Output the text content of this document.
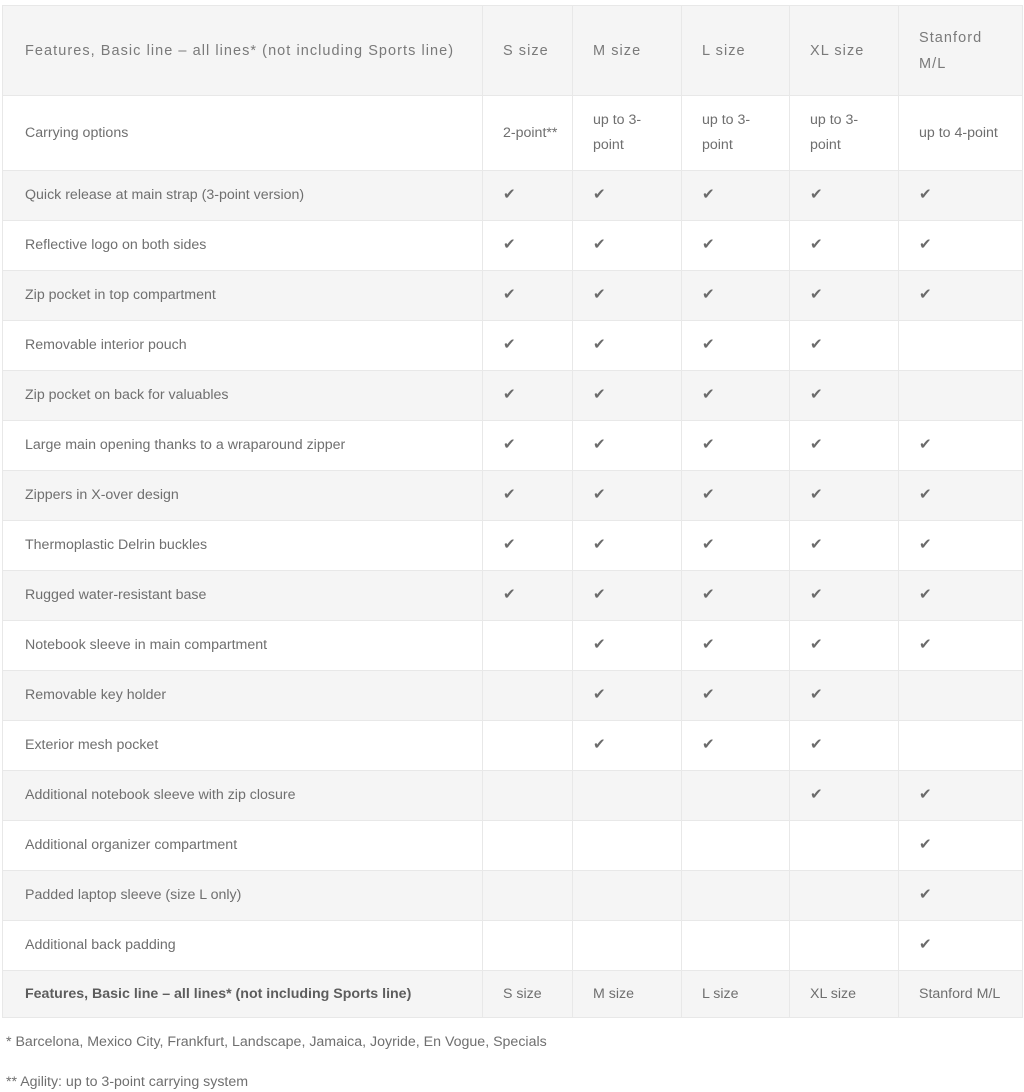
Features, Basic line – all lines* (not including Sports line)	S size	M size	L size	XL size	Stanford M/L
Carrying options	2-point**	up to 3-point	up to 3-point	up to 3-point	up to 4-point
Quick release at main strap (3-point version)	✔	✔	✔	✔	✔
Reflective logo on both sides	✔	✔	✔	✔	✔
Zip pocket in top compartment	✔	✔	✔	✔	✔
Removable interior pouch	✔	✔	✔	✔	
Zip pocket on back for valuables	✔	✔	✔	✔	
Large main opening thanks to a wraparound zipper	✔	✔	✔	✔	✔
Zippers in X-over design	✔	✔	✔	✔	✔
Thermoplastic Delrin buckles	✔	✔	✔	✔	✔
Rugged water-resistant base	✔	✔	✔	✔	✔
Notebook sleeve in main compartment		✔	✔	✔	✔
Removable key holder		✔	✔	✔	
Exterior mesh pocket		✔	✔	✔	
Additional notebook sleeve with zip closure				✔	✔
Additional organizer compartment					✔
Padded laptop sleeve (size L only)					✔
Additional back padding					✔
Features, Basic line – all lines* (not including Sports line)	S size	M size	L size	XL size	Stanford M/L
* Barcelona, Mexico City, Frankfurt, Landscape, Jamaica, Joyride, En Vogue, Specials
** Agility: up to 3-point carrying system
